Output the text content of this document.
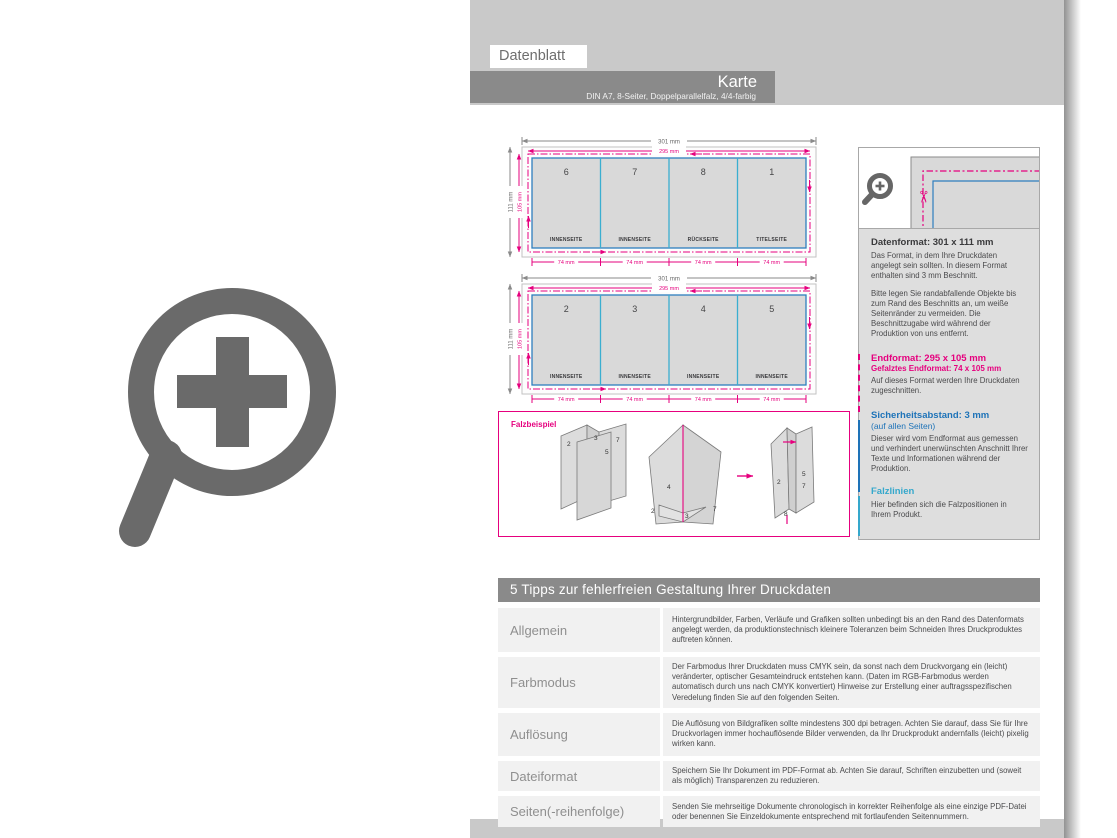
Datenblatt
Karte
DIN A7, 8-Seiter, Doppelparallelfalz, 4/4-farbig
301 mm
295 mm
111 mm 105 mm
6	7	8	1
INNENSEITE	INNENSEITE	RÜCKSEITE	TITELSEITE
74 mm	74 mm	74 mm	74 mm
301 mm
295 mm
111 mm 105 mm
2	3	4	5
INNENSEITE	INNENSEITE	INNENSEITE	INNENSEITE
74 mm	74 mm	74 mm	74 mm
Falzbeispiel
2
3	7
5
4
2
3
7
2
5
7
8
✂
Datenformat: 301 x 111 mm

Das Format, in dem Ihre Druckdaten angelegt sein sollten. In diesem Format enthalten sind 3 mm Beschnitt.

Bitte legen Sie randabfallende Objekte bis zum Rand des Beschnitts an, um weiße Seitenränder zu vermeiden. Die Beschnittzugabe wird während der Produktion von uns entfernt.

Endformat: 295 x 105 mm
Gefalztes Endformat: 74 x 105 mm

Auf dieses Format werden Ihre Druckdaten zugeschnitten.

Sicherheitsabstand: 3 mm
(auf allen Seiten)

Dieser wird vom Endformat aus gemessen und verhindert unerwünschten Anschnitt Ihrer Texte und Informationen während der Produktion.

Falzlinien

Hier befinden sich die Falzpositionen in Ihrem Produkt.

5 Tipps zur fehlerfreien Gestaltung Ihrer Druckdaten
Allgemein
Hintergrundbilder, Farben, Verläufe und Grafiken sollten unbedingt bis an den Rand des Datenformats angelegt werden, da produktionstechnisch kleinere Toleranzen beim Schneiden Ihres Druckproduktes auftreten können.
Farbmodus
Der Farbmodus Ihrer Druckdaten muss CMYK sein, da sonst nach dem Druckvorgang ein (leicht) veränderter, optischer Gesamteindruck entstehen kann. (Daten im RGB-Farbmodus werden automatisch durch uns nach CMYK konvertiert) Hinweise zur Erstellung einer auftragsspezifischen Veredelung finden Sie auf den folgenden Seiten.
Auflösung
Die Auflösung von Bildgrafiken sollte mindestens 300 dpi betragen. Achten Sie darauf, dass Sie für Ihre Druckvorlagen immer hochauflösende Bilder verwenden, da Ihr Druckprodukt andernfalls (leicht) pixelig wirken kann.
Dateiformat	Speichern Sie Ihr Dokument im PDF-Format ab. Achten Sie darauf, Schriften einzubetten und (soweit als möglich) Transparenzen zu reduzieren.
Seiten(-reihenfolge)	Senden Sie mehrseitige Dokumente chronologisch in korrekter Reihenfolge als eine einzige PDF-Datei oder benennen Sie Einzeldokumente entsprechend mit fortlaufenden Seitennummern.
